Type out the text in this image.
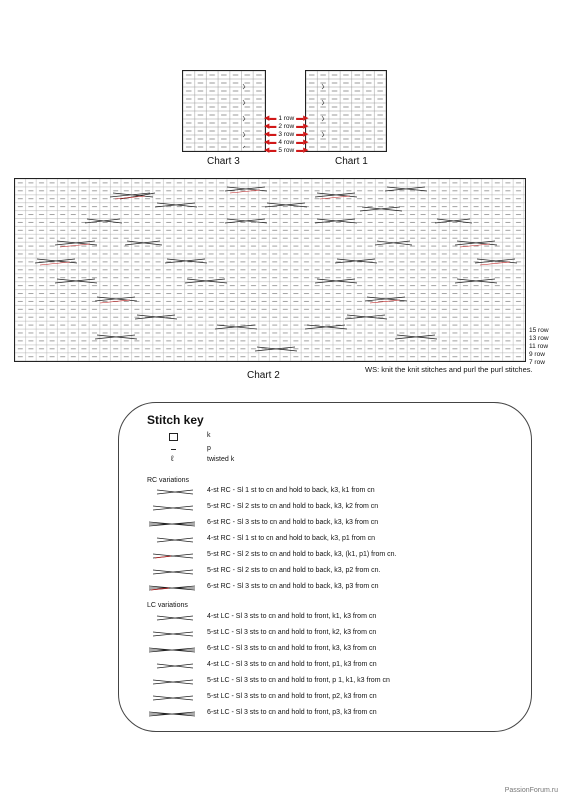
◀▬ 1 row ▬▶
◀▬ 2 row ▬▶
◀▬ 3 row ▬▶
◀▬ 4 row ▬▶
◀▬ 5 row ▬▶
Chart 3	Chart 1
15 row
13 row
11 row
9 row
7 row
Chart 2
WS: knit the knit stitches and purl the purl stitches.
Stitch key
k
p
ℓ	twisted k
RC variations
4-st RC - Sl 1 st to cn and hold to back, k3, k1 from cn
5-st RC - Sl 2 sts to cn and hold to back, k3, k2 from cn
6-st RC - Sl 3 sts to cn and hold to back, k3, k3 from cn
4-st RC - Sl 1 st to cn and hold to back, k3, p1 from cn
5-st RC - Sl 2 sts to cn and hold to back, k3, (k1, p1) from cn.
5-st RC - Sl 2 sts to cn and hold to back, k3, p2 from cn.
6-st RC - Sl 3 sts to cn and hold to back, k3, p3 from cn
LC variations
4-st LC - Sl 3 sts to cn and hold to front, k1, k3 from cn
5-st LC - Sl 3 sts to cn and hold to front, k2, k3 from cn
6-st LC - Sl 3 sts to cn and hold to front, k3, k3 from cn
4-st LC - Sl 3 sts to cn and hold to front, p1, k3 from cn
5-st LC - Sl 3 sts to cn and hold to front, p 1, k1, k3 from cn
5-st LC - Sl 3 sts to cn and hold to front, p2, k3 from cn
6-st LC - Sl 3 sts to cn and hold to front, p3, k3 from cn
PassionForum.ru
